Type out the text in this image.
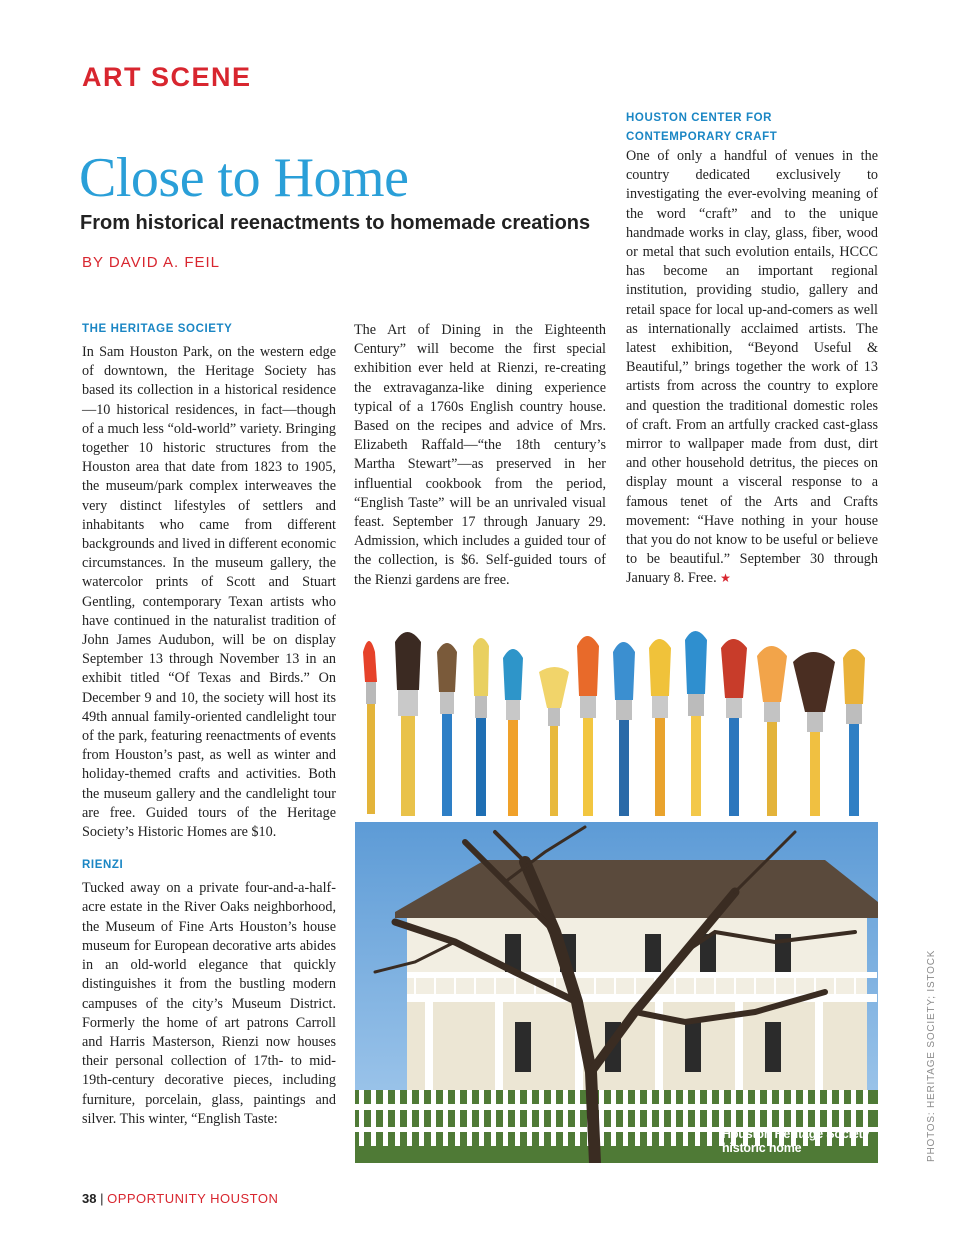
ART SCENE
Close to Home
From historical reenactments to homemade creations
BY DAVID A. FEIL
THE HERITAGE SOCIETY

In Sam Houston Park, on the western edge of downtown, the Heritage Society has based its collection in a historical residence—10 historical residences, in fact—though of a much less “old-world” variety. Bringing together 10 historic structures from the Houston area that date from 1823 to 1905, the museum/park complex interweaves the very distinct lifestyles of settlers and inhabitants who came from different backgrounds and lived in different economic circumstances. In the museum gallery, the watercolor prints of Scott and Stuart Gentling, contemporary Texan artists who have continued in the naturalist tradition of John James Audubon, will be on display September 13 through November 13 in an exhibit titled “Of Texas and Birds.” On December 9 and 10, the society will host its 49th annual family-oriented candlelight tour of the park, featuring reenactments of events from Houston’s past, as well as winter and holiday-themed crafts and activities. Both the museum gallery and the candlelight tour are free. Guided tours of the Heritage Society’s Historic Homes are $10.

RIENZI

Tucked away on a private four-and-a-half-acre estate in the River Oaks neighborhood, the Museum of Fine Arts Houston’s house museum for European decorative arts abides in an old-world elegance that quickly distinguishes it from the bustling modern campuses of the city’s Museum District. Formerly the home of art patrons Carroll and Harris Masterson, Rienzi now houses their personal collection of 17th- to mid-19th-century decorative pieces, including furniture, porcelain, glass, paintings and silver. This winter, “English Taste:

The Art of Dining in the Eighteenth Century” will become the first special exhibition ever held at Rienzi, re-creating the extravaganza-like dining experience typical of a 1760s English country house. Based on the recipes and advice of Mrs. Elizabeth Raffald—“the 18th century’s Martha Stewart”—as preserved in her influential cookbook from the period, “English Taste” will be an unrivaled visual feast. September 17 through January 29. Admission, which includes a guided tour of the collection, is $6. Self-guided tours of the Rienzi gardens are free.

HOUSTON CENTER FOR
CONTEMPORARY CRAFT

One of only a handful of venues in the country dedicated exclusively to investigating the ever-evolving meaning of the word “craft” and to the unique handmade works in clay, glass, fiber, wood or metal that such evolution entails, HCCC has become an important regional institution, providing studio, gallery and retail space for local up-and-comers as well as internationally acclaimed artists. The latest exhibition, “Beyond Useful & Beautiful,” brings together the work of 13 artists from across the country to explore and question the traditional domestic roles of craft. From an artfully cracked cast-glass mirror to wallpaper made from dust, dirt and other household detritus, the pieces on display mount a visceral response to a famous tenet of the Arts and Crafts movement: “Have nothing in your house that you do not know to be useful or believe to be beautiful.” September 30 through January 8. Free. ★

Houston Heritage Society historic home	PHOTOS: HERITAGE SOCIETY; ISTOCK
38 | OPPORTUNITY HOUSTON
